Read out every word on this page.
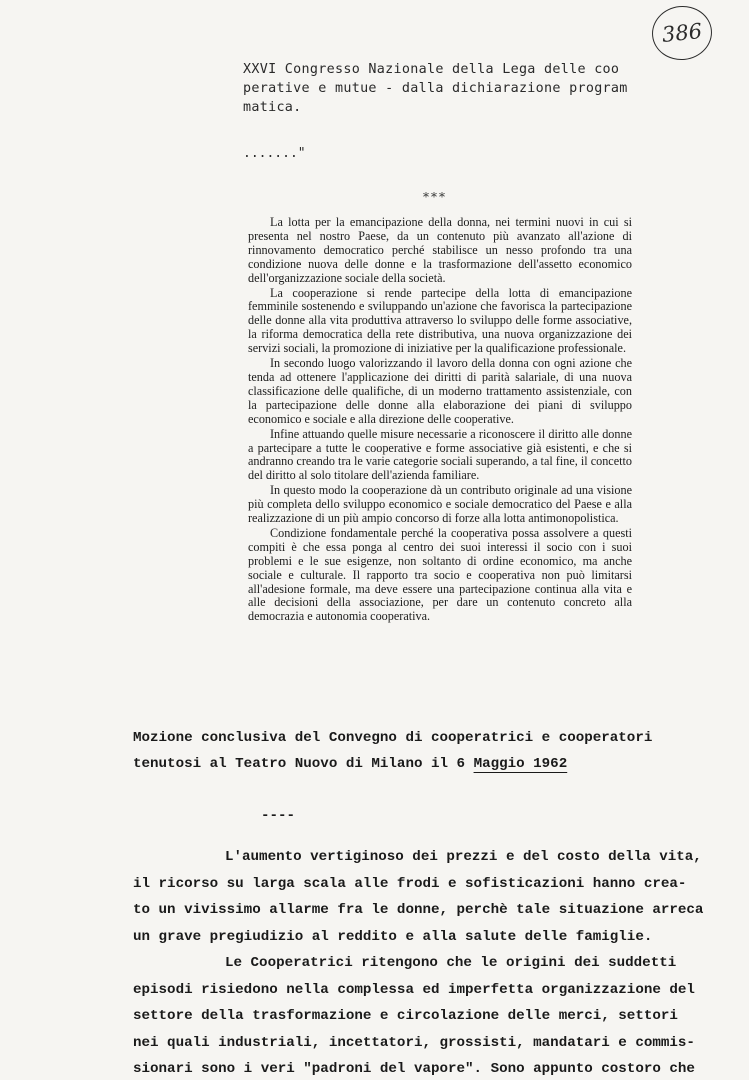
386
XXVI Congresso Nazionale della Lega delle coo
perative e mutue - dalla dichiarazione program
matica.
......."
***

La lotta per la emancipazione della donna, nei termini nuovi in cui si presenta nel nostro Paese, da un contenuto più avanzato all'azione di rinnovamento democratico perché stabilisce un nesso profondo tra una condizione nuova delle donne e la trasformazione dell'assetto economico dell'organizzazione sociale della società.

La cooperazione si rende partecipe della lotta di emancipazione femminile sostenendo e sviluppando un'azione che favorisca la partecipazione delle donne alla vita produttiva attraverso lo sviluppo delle forme associative, la riforma democratica della rete distributiva, una nuova organizzazione dei servizi sociali, la promozione di iniziative per la qualificazione professionale.

In secondo luogo valorizzando il lavoro della donna con ogni azione che tenda ad ottenere l'applicazione dei diritti di parità salariale, di una nuova classificazione delle qualifiche, di un moderno trattamento assistenziale, con la partecipazione delle donne alla elaborazione dei piani di sviluppo economico e sociale e alla direzione delle cooperative.

Infine attuando quelle misure necessarie a riconoscere il diritto alle donne a partecipare a tutte le cooperative e forme associative già esistenti, e che si andranno creando tra le varie categorie sociali superando, a tal fine, il concetto del diritto al solo titolare dell'azienda familiare.

In questo modo la cooperazione dà un contributo originale ad una visione più completa dello sviluppo economico e sociale democratico del Paese e alla realizzazione di un più ampio concorso di forze alla lotta antimonopolistica.

Condizione fondamentale perché la cooperativa possa assolvere a questi compiti è che essa ponga al centro dei suoi interessi il socio con i suoi problemi e le sue esigenze, non soltanto di ordine economico, ma anche sociale e culturale. Il rapporto tra socio e cooperativa non può limitarsi all'adesione formale, ma deve essere una partecipazione continua alla vita e alle decisioni della associazione, per dare un contenuto concreto alla democrazia e autonomia cooperativa.

Mozione conclusiva del Convegno di cooperatrici e cooperatori
tenutosi al Teatro Nuovo di Milano il 6 Maggio 1962
----
L'aumento vertiginoso dei prezzi e del costo della vita,
il ricorso su larga scala alle frodi e sofisticazioni hanno crea-
to un vivissimo allarme fra le donne, perchè tale situazione arreca
un grave pregiudizio al reddito e alla salute delle famiglie.
Le Cooperatrici ritengono che le origini dei suddetti
episodi risiedono nella complessa ed imperfetta organizzazione del
settore della trasformazione e circolazione delle merci, settori
nei quali industriali, incettatori, grossisti, mandatari e commis-
sionari sono i veri "padroni del vapore". Sono appunto costoro che
